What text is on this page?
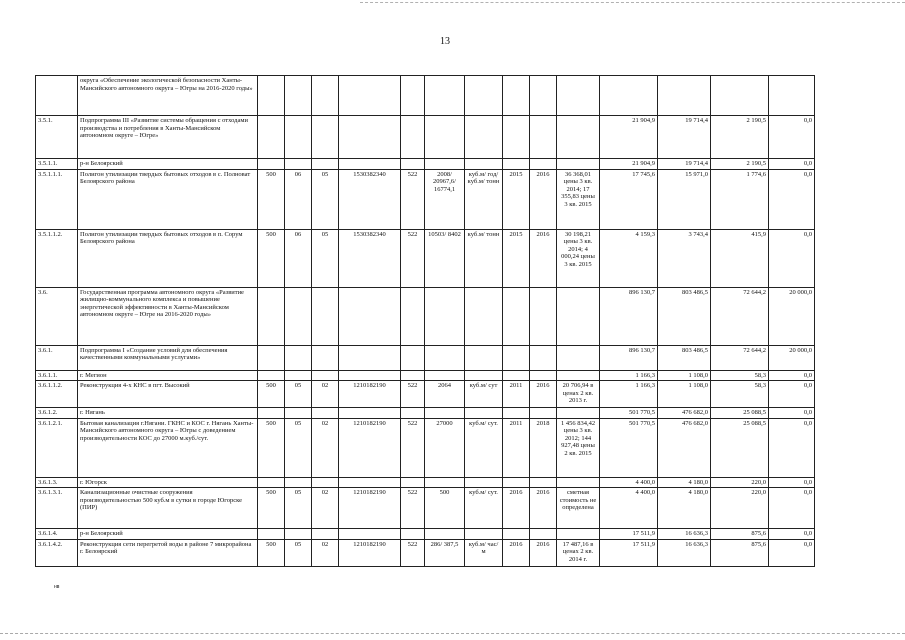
13
	округа «Обеспечение экологической безопасности Ханты-Мансийского автономного округа – Югры на 2016-2020 годы»														
3.5.1.	Подпрограмма III «Развитие системы обращения с отходами производства и потребления в Ханты-Мансийском автономном округе – Югре»											21 904,9	19 714,4	2 190,5	0,0
3.5.1.1.	р-н Белоярский											21 904,9	19 714,4	2 190,5	0,0
3.5.1.1.1.	Полигон утилизации твердых бытовых отходов в с. Полноват Белоярского района	500	06	05	1530382340	522	2008/ 20967,6/ 16774,1	куб.м/ год/ куб.м/ тонн	2015	2016	36 368,01 цены 3 кв. 2014; 17 355,83 цены 3 кв. 2015	17 745,6	15 971,0	1 774,6	0,0
3.5.1.1.2.	Полигон утилизации твердых бытовых отходов в п. Сорум Белоярского района	500	06	05	1530382340	522	10503/ 8402	куб.м/ тонн	2015	2016	30 198,21 цены 3 кв. 2014; 4 000,24 цены 3 кв. 2015	4 159,3	3 743,4	415,9	0,0
3.6.	Государственная программа автономного округа «Развитие жилищно-коммунального комплекса и повышение энергетической эффективности в Ханты-Мансийском автономном округе – Югре на 2016-2020 годы»											896 130,7	803 486,5	72 644,2	20 000,0
3.6.1.	Подпрограмма I «Создание условий для обеспечения качественными коммунальными услугами»											896 130,7	803 486,5	72 644,2	20 000,0
3.6.1.1.	г. Мегион											1 166,3	1 108,0	58,3	0,0
3.6.1.1.2.	Реконструкция 4-х КНС в пгт. Высокий	500	05	02	1210182190	522	2064	куб.м/ сут	2011	2016	20 706,94 в ценах 2 кв. 2013 г.	1 166,3	1 108,0	58,3	0,0
3.6.1.2.	г. Нягань											501 770,5	476 682,0	25 088,5	0,0
3.6.1.2.1.	Бытовая канализация г.Нягани. ГКНС и КОС г. Нягань Ханты-Мансийского автономного округа – Югры с доведением производительности КОС до 27000 м.куб./сут.	500	05	02	1210182190	522	27000	куб.м/ сут.	2011	2018	1 456 834,42 цены 3 кв. 2012; 144 927,48 цены 2 кв. 2015	501 770,5	476 682,0	25 088,5	0,0
3.6.1.3.	г. Югорск											4 400,0	4 180,0	220,0	0,0
3.6.1.3.1.	Канализационные очистные сооружения производительностью 500 куб.м в сутки в городе Югорске (ПИР)	500	05	02	1210182190	522	500	куб.м/ сут.	2016	2016	сметная стоимость не определена	4 400,0	4 180,0	220,0	0,0
3.6.1.4.	р-н Белоярский											17 511,9	16 636,3	875,6	0,0
3.6.1.4.2.	Реконструкция сети перегретой воды в районе 7 микрорайона г. Белоярский	500	05	02	1210182190	522	286/ 387,5	куб.м/ час/ м	2016	2016	17 487,16 в ценах 2 кв. 2014 г.	17 511,9	16 636,3	875,6	0,0
нв
